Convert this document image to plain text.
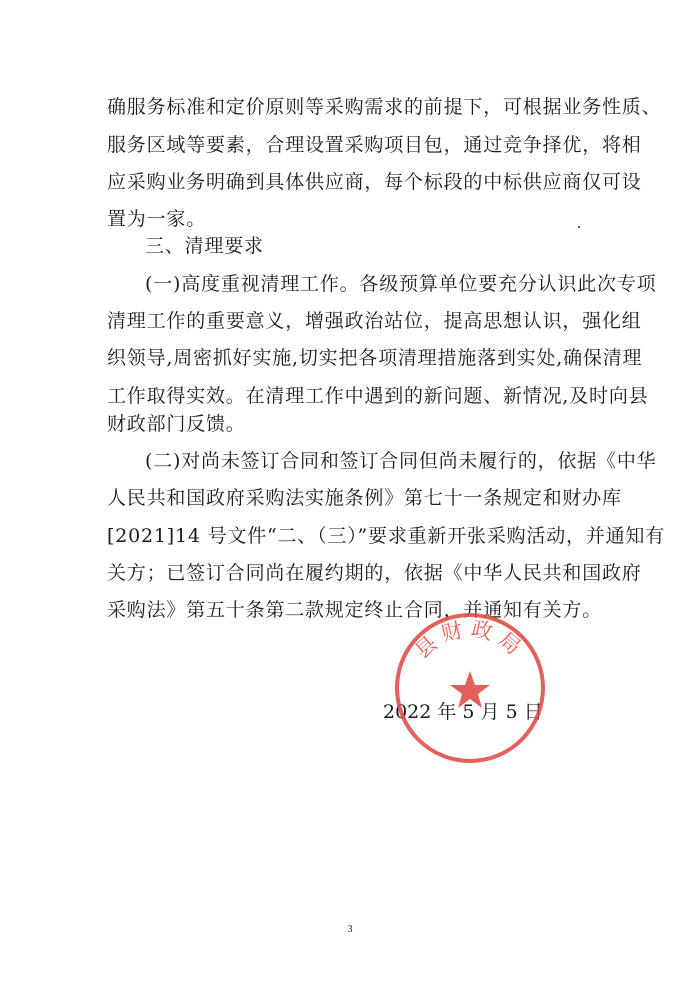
确服务标准和定价原则等采购需求的前提下，可根据业务性质、
服务区域等要素，合理设置采购项目包，通过竞争择优，将相
应采购业务明确到具体供应商，每个标段的中标供应商仅可设
置为一家。
三、清理要求
(一)高度重视清理工作。各级预算单位要充分认识此次专项
清理工作的重要意义，增强政治站位，提高思想认识，强化组
织领导,周密抓好实施,切实把各项清理措施落到实处,确保清理
工作取得实效。在清理工作中遇到的新问题、新情况,及时向县
财政部门反馈。
(二)对尚未签订合同和签订合同但尚未履行的，依据《中华
人民共和国政府采购法实施条例》第七十一条规定和财办库
[2021]14 号文件“二、（三）”要求重新开张采购活动，并通知有
关方；已签订合同尚在履约期的，依据《中华人民共和国政府
采购法》第五十条第二款规定终止合同，并通知有关方。
2022 年 5 月 5 日
县财政局
3
